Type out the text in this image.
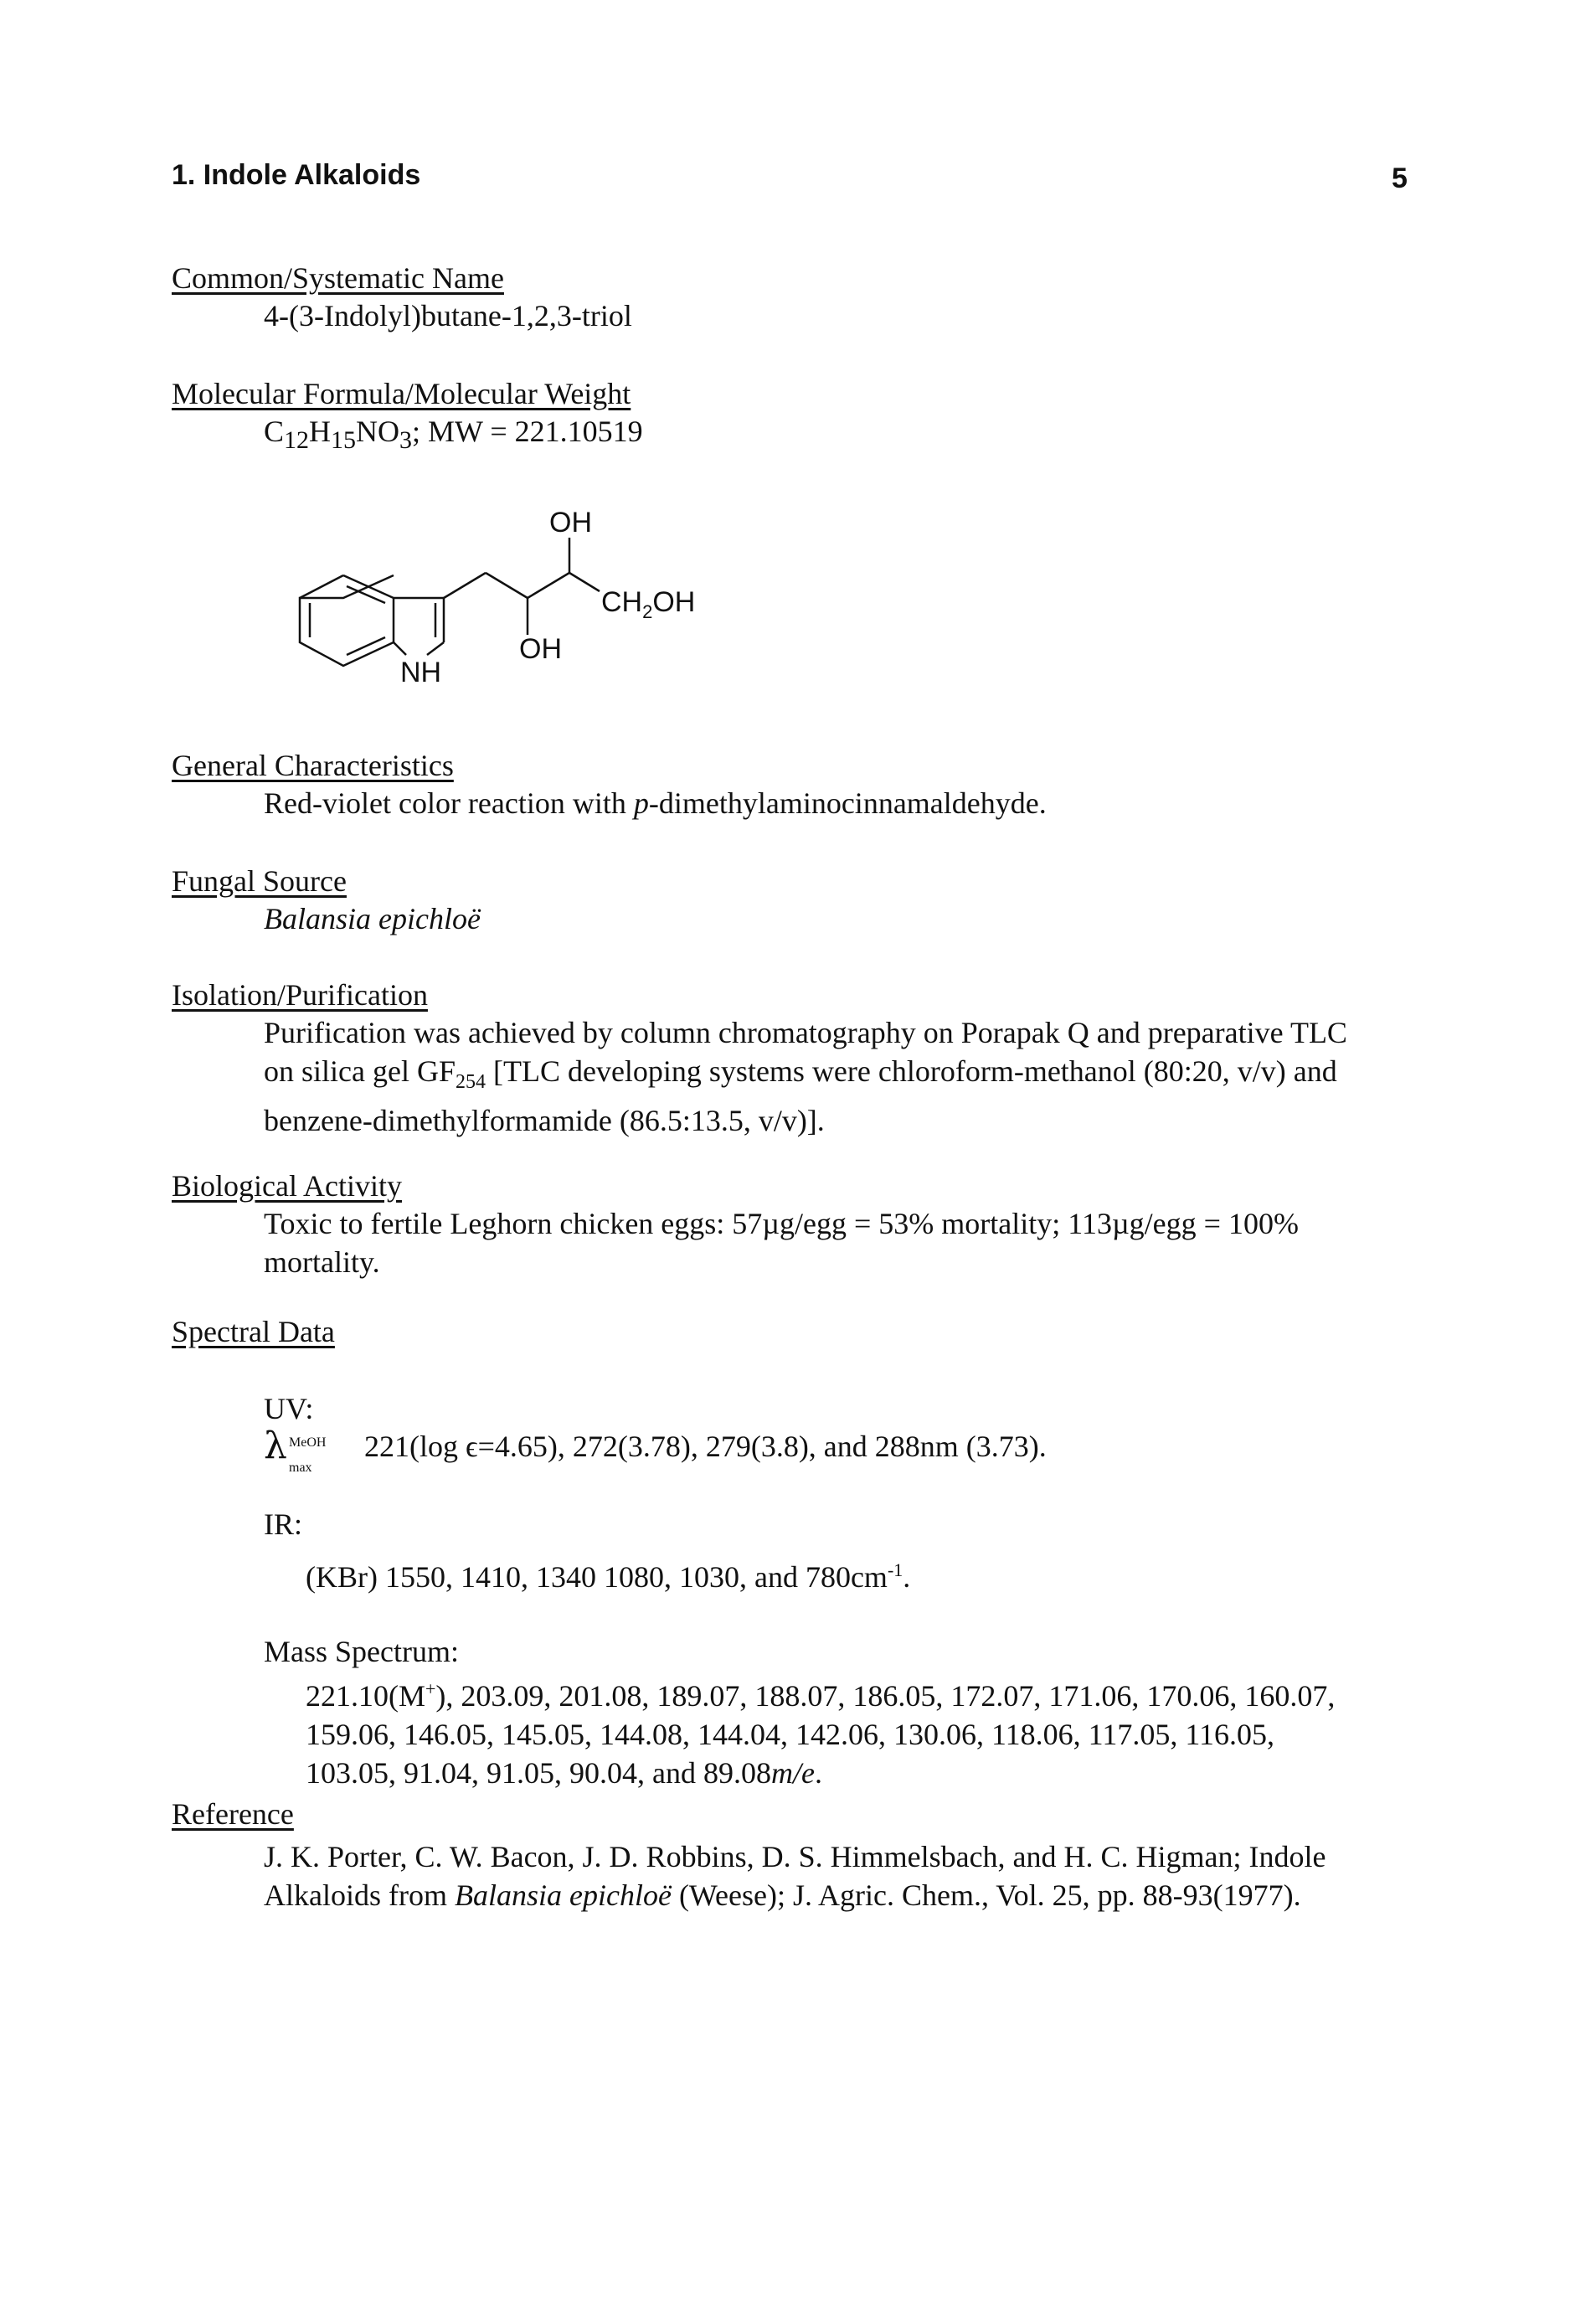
1. Indole Alkaloids	5
Common/Systematic Name
4-(3-Indolyl)butane-1,2,3-triol
Molecular Formula/Molecular Weight
$C_{12}H_{15}NO_3$; MW = 221.10519
OH
$CH_2OH$
OH
NH
General Characteristics
Red-violet color reaction with p-dimethylaminocinnamaldehyde.
Fungal Source
Balansia epichloë
Isolation/Purification
Purification was achieved by column chromatography on Porapak Q and preparative TLC
on silica gel $GF_{254}$ [TLC developing systems were chloroform-methanol (80:20, v/v) and
benzene-dimethylformamide (86.5:13.5, v/v)].
Biological Activity
Toxic to fertile Leghorn chicken eggs: 57µg/egg = 53% mortality; 113µg/egg = 100%
mortality.
Spectral Data
UV:
λ MeOH
max
221(log ϵ=4.65), 272(3.78), 279(3.8), and 288nm (3.73).
IR:
(KBr) 1550, 1410, 1340 1080, 1030, and $780cm^{-1}$.
Mass Spectrum:
221.10(M+), 203.09, 201.08, 189.07, 188.07, 186.05, 172.07, 171.06, 170.06, 160.07,
159.06, 146.05, 145.05, 144.08, 144.04, 142.06, 130.06, 118.06, 117.05, 116.05,
103.05, 91.04, 91.05, 90.04, and 89.08m/e.
Reference
J. K. Porter, C. W. Bacon, J. D. Robbins, D. S. Himmelsbach, and H. C. Higman; Indole
Alkaloids from Balansia epichloë (Weese); J. Agric. Chem., Vol. 25, pp. 88-93(1977).
